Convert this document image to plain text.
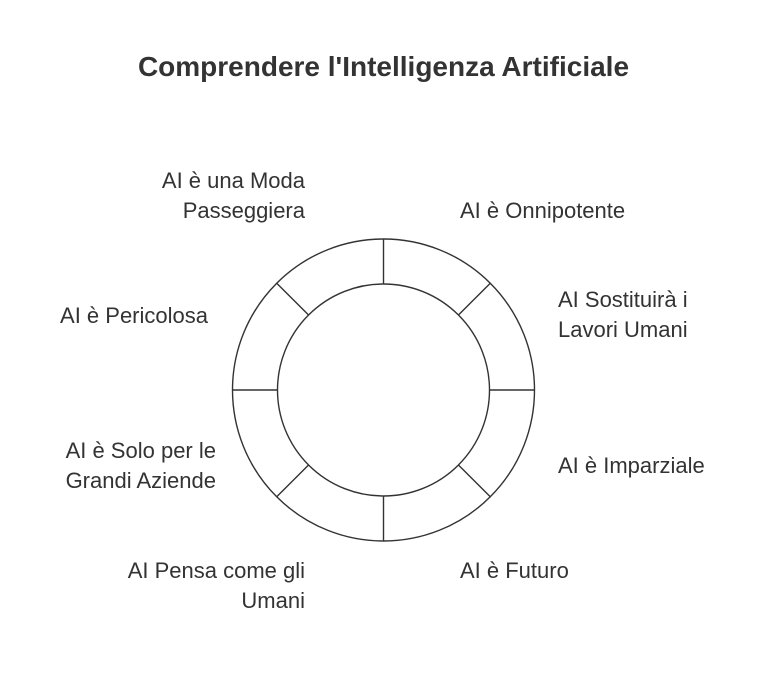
Comprendere l'Intelligenza Artificiale
AI è Onnipotente
AI Sostituirà i
Lavori Umani
AI è Imparziale
AI è Futuro
AI Pensa come gli
Umani
AI è Solo per le
Grandi Aziende
AI è Pericolosa
AI è una Moda
Passeggiera
